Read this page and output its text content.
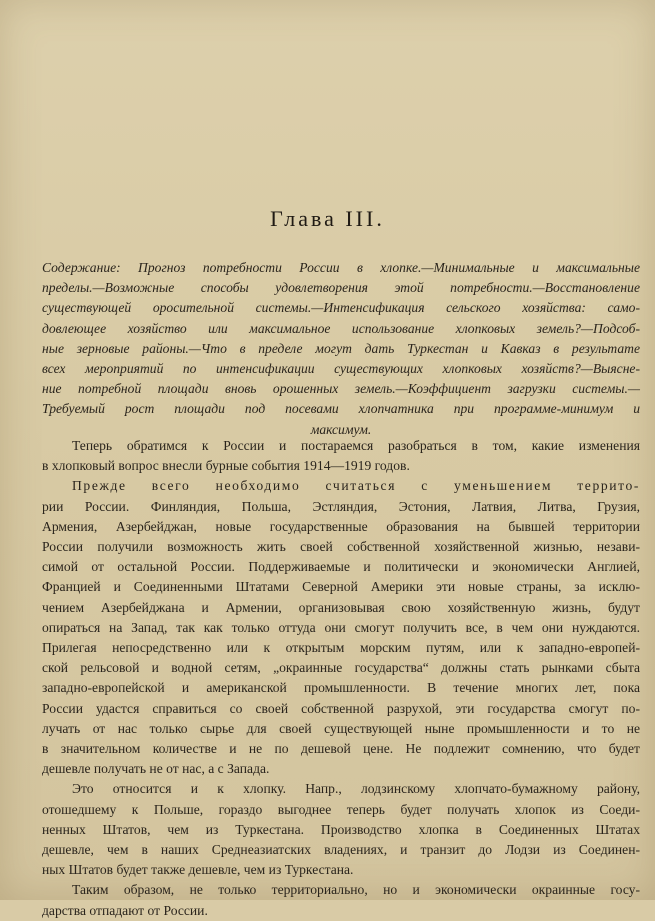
Глава III.
Содержание: Прогноз потребности России в хлопке.—Минимальные и максимальные
пределы.—Возможные способы удовлетворения этой потребности.—Восстановление
существующей оросительной системы.—Интенсификация сельского хозяйства: само-
довлеющее хозяйство или максимальное использование хлопковых земель?—Подсоб-
ные зерновые районы.—Что в пределе могут дать Туркестан и Кавказ в результате
всех мероприятий по интенсификации существующих хлопковых хозяйств?—Выясне-
ние потребной площади вновь орошенных земель.—Коэффициент загрузки системы.—
Требуемый рост площади под посевами хлопчатника при программе-минимум и
максимум.
Теперь обратимся к России и постараемся разобраться в том, какие изменения
в хлопковый вопрос внесли бурные события 1914—1919 годов.
Прежде всего необходимо считаться с уменьшением террито-
рии России. Финляндия, Польша, Эстляндия, Эстония, Латвия, Литва, Грузия,
Армения, Азербейджан, новые государственные образования на бывшей территории
России получили возможность жить своей собственной хозяйственной жизнью, незави-
симой от остальной России. Поддерживаемые и политически и экономически Англией,
Францией и Соединенными Штатами Северной Америки эти новые страны, за исклю-
чением Азербейджана и Армении, организовывая свою хозяйственную жизнь, будут
опираться на Запад, так как только оттуда они смогут получить все, в чем они нуждаются.
Прилегая непосредственно или к открытым морским путям, или к западно-европей-
ской рельсовой и водной сетям, „окраинные государства“ должны стать рынками сбыта
западно-европейской и американской промышленности. В течение многих лет, пока
России удастся справиться со своей собственной разрухой, эти государства смогут по-
лучать от нас только сырье для своей существующей ныне промышленности и то не
в значительном количестве и не по дешевой цене. Не подлежит сомнению, что будет
дешевле получать не от нас, а с Запада.
Это относится и к хлопку. Напр., лодзинскому хлопчато-бумажному району,
отошедшему к Польше, гораздо выгоднее теперь будет получать хлопок из Соеди-
ненных Штатов, чем из Туркестана. Производство хлопка в Соединенных Штатах
дешевле, чем в наших Среднеазиатских владениях, и транзит до Лодзи из Соединен-
ных Штатов будет также дешевле, чем из Туркестана.
Таким образом, не только территориально, но и экономически окраинные госу-
дарства отпадают от России.
